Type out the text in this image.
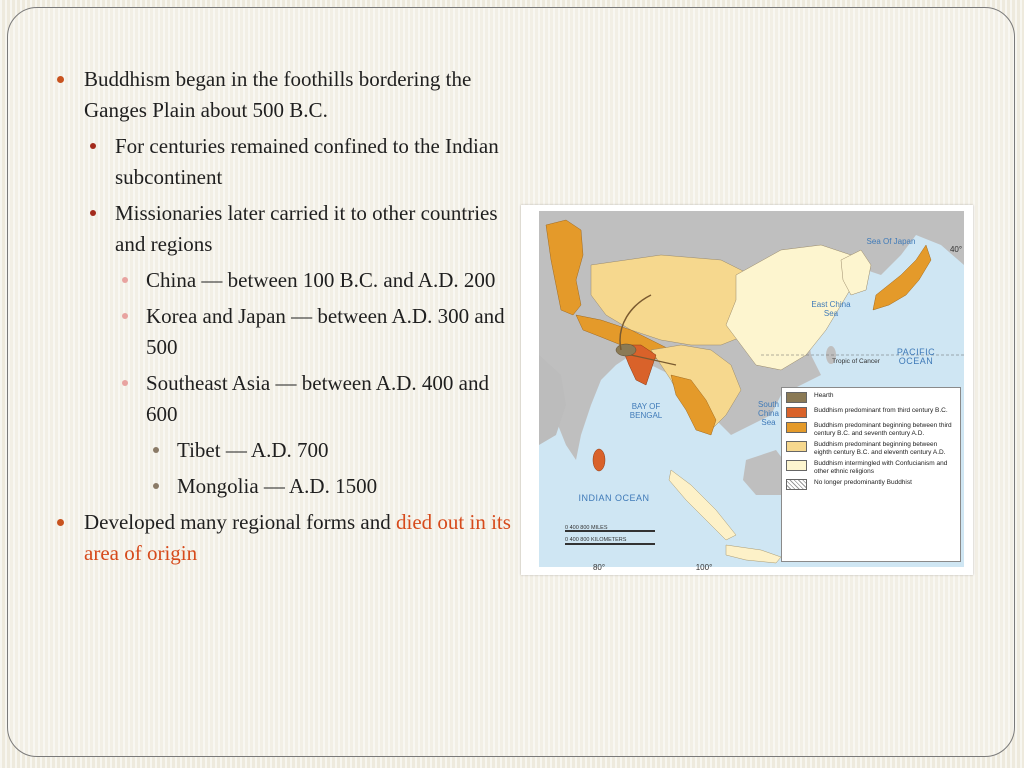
Buddhism began in the foothills bordering the Ganges Plain about 500 B.C.
For centuries remained confined to the Indian subcontinent
Missionaries later carried it to other countries and regions
China — between 100 B.C. and A.D. 200
Korea and Japan — between A.D. 300 and 500
Southeast Asia — between A.D. 400 and 600
Tibet — A.D. 700
Mongolia — A.D. 1500
Developed many regional forms and died out in its area of origin
Sea Of Japan
East China Sea
PACIFIC OCEAN
Tropic of Cancer
South China Sea
BAY OF BENGAL
INDIAN OCEAN
80°	100°
40°
0 400 800 MILES
0 400 800 KILOMETERS
Hearth
Buddhism predominant from third century B.C.
Buddhism predominant beginning between third century B.C. and seventh century A.D.
Buddhism predominant beginning between eighth century B.C. and eleventh century A.D.
Buddhism intermingled with Confucianism and other ethnic religions
No longer predominantly Buddhist
